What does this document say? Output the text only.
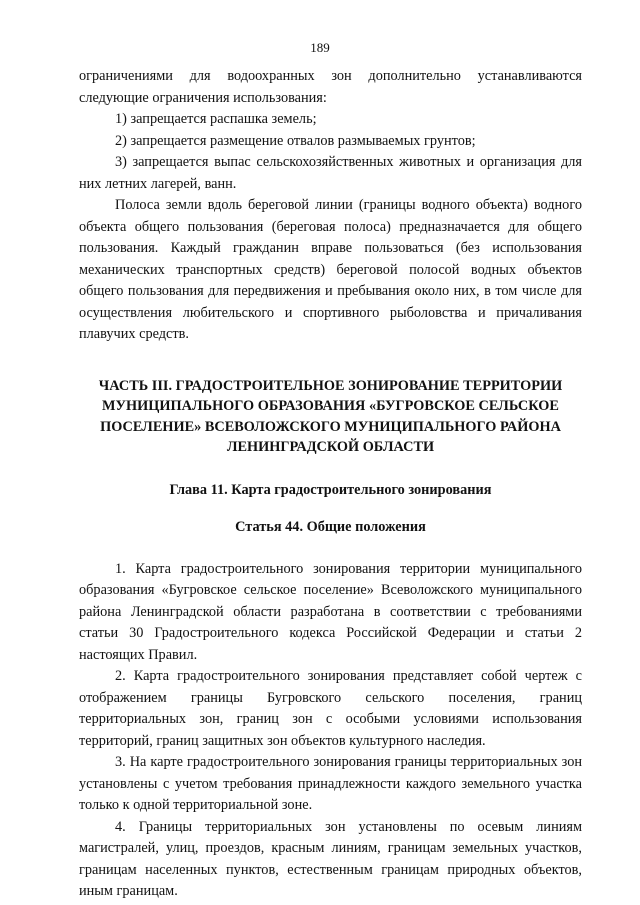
189

ограничениями для водоохранных зон дополнительно устанавливаются следующие ограничения использования:

1) запрещается распашка земель;

2) запрещается размещение отвалов размываемых грунтов;

3) запрещается выпас сельскохозяйственных животных и организация для них летних лагерей, ванн.

Полоса земли вдоль береговой линии (границы водного объекта) водного объекта общего пользования (береговая полоса) предназначается для общего пользования. Каждый гражданин вправе пользоваться (без использования механических транспортных средств) береговой полосой водных объектов общего пользования для передвижения и пребывания около них, в том числе для осуществления любительского и спортивного рыболовства и причаливания плавучих средств.

ЧАСТЬ III. ГРАДОСТРОИТЕЛЬНОЕ ЗОНИРОВАНИЕ ТЕРРИТОРИИ МУНИЦИПАЛЬНОГО ОБРАЗОВАНИЯ «БУГРОВСКОЕ СЕЛЬСКОЕ ПОСЕЛЕНИЕ» ВСЕВОЛОЖСКОГО МУНИЦИПАЛЬНОГО РАЙОНА ЛЕНИНГРАДСКОЙ ОБЛАСТИ

Глава 11. Карта градостроительного зонирования

Статья 44. Общие положения

1. Карта градостроительного зонирования территории муниципального образования «Бугровское сельское поселение» Всеволожского муниципального района Ленинградской области разработана в соответствии с требованиями статьи 30 Градостроительного кодекса Российской Федерации и статьи 2 настоящих Правил.

2. Карта градостроительного зонирования представляет собой чертеж с отображением границы Бугровского сельского поселения, границ территориальных зон, границ зон с особыми условиями использования территорий, границ защитных зон объектов культурного наследия.

3. На карте градостроительного зонирования границы территориальных зон установлены с учетом требования принадлежности каждого земельного участка только к одной территориальной зоне.

4. Границы территориальных зон установлены по осевым линиям магистралей, улиц, проездов, красным линиям, границам земельных участков, границам населенных пунктов, естественным границам природных объектов, иным границам.
